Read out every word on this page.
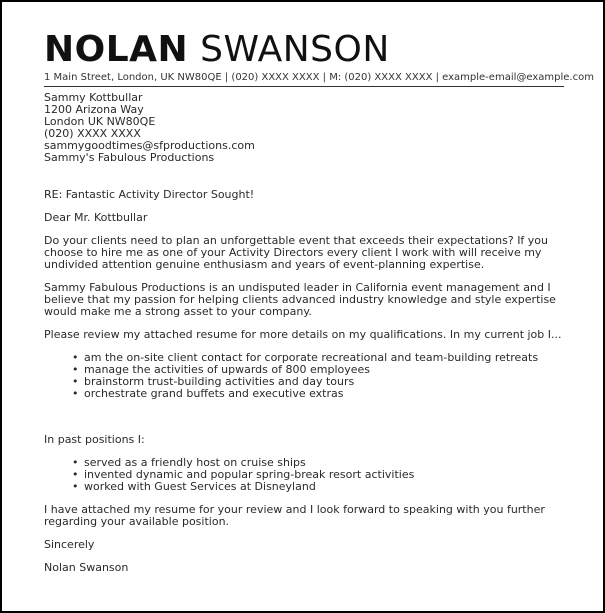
NOLAN SWANSON
1 Main Street, London, UK NW80QE | (020) XXXX XXXX | M: (020) XXXX XXXX | example-email@example.com
Sammy Kottbullar
1200 Arizona Way
London UK NW80QE
(020) XXXX XXXX
sammygoodtimes@sfproductions.com
Sammy's Fabulous Productions

RE: Fantastic Activity Director Sought!

Dear Mr. Kottbullar

Do your clients need to plan an unforgettable event that exceeds their expectations? If you choose to hire me as one of your Activity Directors every client I work with will receive my undivided attention genuine enthusiasm and years of event-planning expertise.

Sammy Fabulous Productions is an undisputed leader in California event management and I believe that my passion for helping clients advanced industry knowledge and style expertise would make me a strong asset to your company.

Please review my attached resume for more details on my qualifications. In my current job I...

• am the on-site client contact for corporate recreational and team-building retreats
• manage the activities of upwards of 800 employees
• brainstorm trust-building activities and day tours
• orchestrate grand buffets and executive extras

In past positions I:

• served as a friendly host on cruise ships
• invented dynamic and popular spring-break resort activities
• worked with Guest Services at Disneyland

I have attached my resume for your review and I look forward to speaking with you further regarding your available position.

Sincerely

Nolan Swanson
